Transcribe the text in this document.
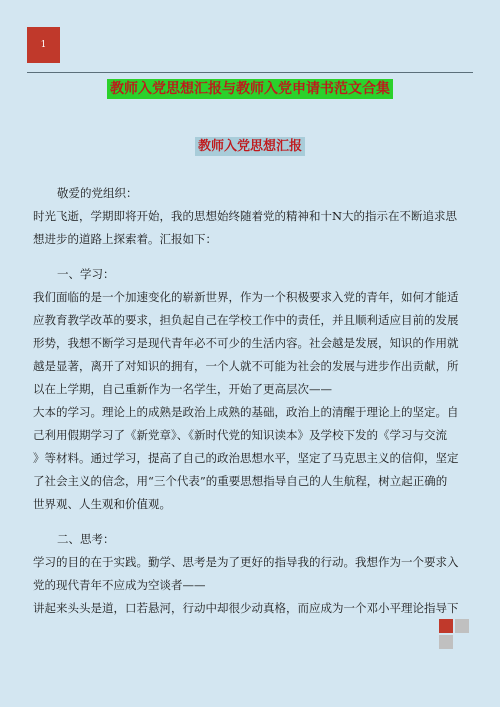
1
教师入党思想汇报与教师入党申请书范文合集
教师入党思想汇报

敬爱的党组织：

时光飞逝，学期即将开始，我的思想始终随着党的精神和十N大的指示在不断追求思

想进步的道路上探索着。汇报如下：

一、学习：

我们面临的是一个加速变化的崭新世界，作为一个积极要求入党的青年，如何才能适

应教育教学改革的要求，担负起自己在学校工作中的责任，并且顺利适应目前的发展

形势，我想不断学习是现代青年必不可少的生活内容。社会越是发展，知识的作用就

越是显著，离开了对知识的拥有，一个人就不可能为社会的发展与进步作出贡献，所

以在上学期，自己重新作为一名学生，开始了更高层次——

大本的学习。理论上的成熟是政治上成熟的基础，政治上的清醒于理论上的坚定。自

己利用假期学习了《新党章》、《新时代党的知识读本》及学校下发的《学习与交流

》等材料。通过学习，提高了自己的政治思想水平，坚定了马克思主义的信仰，坚定

了社会主义的信念，用“三个代表”的重要思想指导自己的人生航程，树立起正确的

世界观、人生观和价值观。

二、思考：

学习的目的在于实践。勤学、思考是为了更好的指导我的行动。我想作为一个要求入

党的现代青年不应成为空谈者——

讲起来头头是道，口若悬河，行动中却很少动真格，而应成为一个邓小平理论指导下
